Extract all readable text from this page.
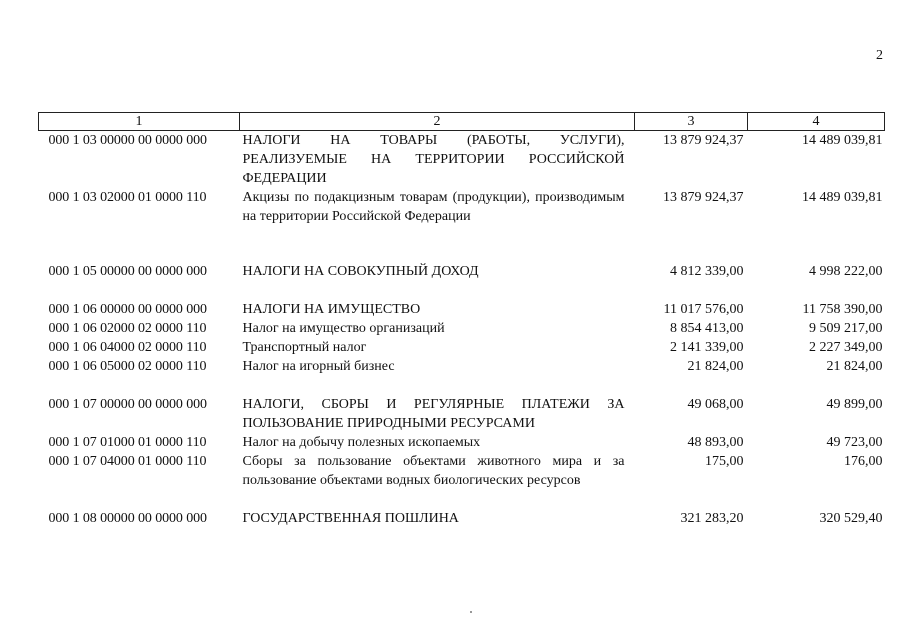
2
1	2	3	4
000 1 03 00000 00 0000 000	НАЛОГИ НА ТОВАРЫ (РАБОТЫ, УСЛУГИ), РЕАЛИЗУЕМЫЕ НА ТЕРРИТОРИИ РОССИЙСКОЙ ФЕДЕРАЦИИ	13 879 924,37	14 489 039,81
000 1 03 02000 01 0000 110	Акцизы по подакцизным товарам (продукции), производимым на территории Российской Федерации	13 879 924,37	14 489 039,81

000 1 05 00000 00 0000 000	НАЛОГИ НА СОВОКУПНЫЙ ДОХОД	4 812 339,00	4 998 222,00

000 1 06 00000 00 0000 000	НАЛОГИ НА ИМУЩЕСТВО	11 017 576,00	11 758 390,00
000 1 06 02000 02 0000 110	Налог на имущество организаций	8 854 413,00	9 509 217,00
000 1 06 04000 02 0000 110	Транспортный налог	2 141 339,00	2 227 349,00
000 1 06 05000 02 0000 110	Налог на игорный бизнес	21 824,00	21 824,00

000 1 07 00000 00 0000 000	НАЛОГИ, СБОРЫ И РЕГУЛЯРНЫЕ ПЛАТЕЖИ ЗА ПОЛЬЗОВАНИЕ ПРИРОДНЫМИ РЕСУРСАМИ	49 068,00	49 899,00
000 1 07 01000 01 0000 110	Налог на добычу полезных ископаемых	48 893,00	49 723,00
000 1 07 04000 01 0000 110	Сборы за пользование объектами животного мира и за пользование объектами водных биологических ресурсов	175,00	176,00

000 1 08 00000 00 0000 000	ГОСУДАРСТВЕННАЯ ПОШЛИНА	321 283,20	320 529,40
